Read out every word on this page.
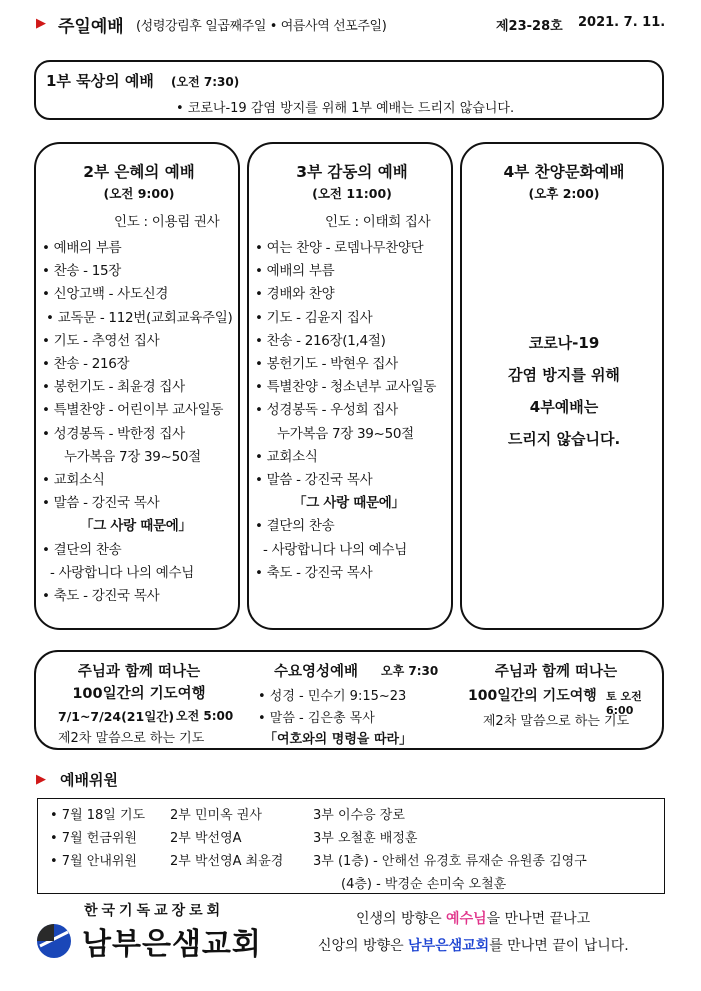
▶ 주일예배 (성령강림후 일곱째주일 • 여름사역 선포주일)	제23-28호 2021. 7. 11.
1부 묵상의 예배 (오전 7:30)
• 코로나-19 감염 방지를 위해 1부 예배는 드리지 않습니다.
2부 은혜의 예배
(오전 9:00)
인도 : 이용림 권사
• 예배의 부름
• 찬송 - 15장
• 신앙고백 - 사도신경
• 교독문 - 112번(교회교육주일)
• 기도 - 추영선 집사
• 찬송 - 216장
• 봉헌기도 - 최윤경 집사
• 특별찬양 - 어린이부 교사일동
• 성경봉독 - 박한정 집사
누가복음 7장 39~50절
• 교회소식
• 말씀 - 강진국 목사
「그 사랑 때문에」
• 결단의 찬송
- 사랑합니다 나의 예수님
• 축도 - 강진국 목사
3부 감동의 예배
(오전 11:00)
인도 : 이태희 집사
• 여는 찬양 - 로뎀나무찬양단
• 예배의 부름
• 경배와 찬양
• 기도 - 김윤지 집사
• 찬송 - 216장(1,4절)
• 봉헌기도 - 박현우 집사
• 특별찬양 - 청소년부 교사일동
• 성경봉독 - 우성희 집사
누가복음 7장 39~50절
• 교회소식
• 말씀 - 강진국 목사
「그 사랑 때문에」
• 결단의 찬송
- 사랑합니다 나의 예수님
• 축도 - 강진국 목사
4부 찬양문화예배
(오후 2:00)
코로나-19
감염 방지를 위해
4부예배는
드리지 않습니다.
주님과 함께 떠나는
100일간의 기도여행
7/1~7/24(21일간) 오전 5:00
제2차 말씀으로 하는 기도
수요영성예배 오후 7:30
• 성경 - 민수기 9:15~23
• 말씀 - 김은총 목사
「여호와의 명령을 따라」
주님과 함께 떠나는
100일간의 기도여행 토 오전 6:00
제2차 말씀으로 하는 기도
▶ 예배위원
• 7월 18일 기도 2부 민미옥 권사	3부 이수응 장로
• 7월 헌금위원	2부 박선영A	3부 오철훈 배정훈
• 7월 안내위원	2부 박선영A 최윤경 3부 (1층) - 안해선 유경호 류재순 유원종 김영구
(4층) - 박경순 손미숙 오철훈
한국기독교장로회
남부은샘교회
인생의 방향은 예수님을 만나면 끝나고
신앙의 방향은 남부은샘교회를 만나면 끝이 납니다.
